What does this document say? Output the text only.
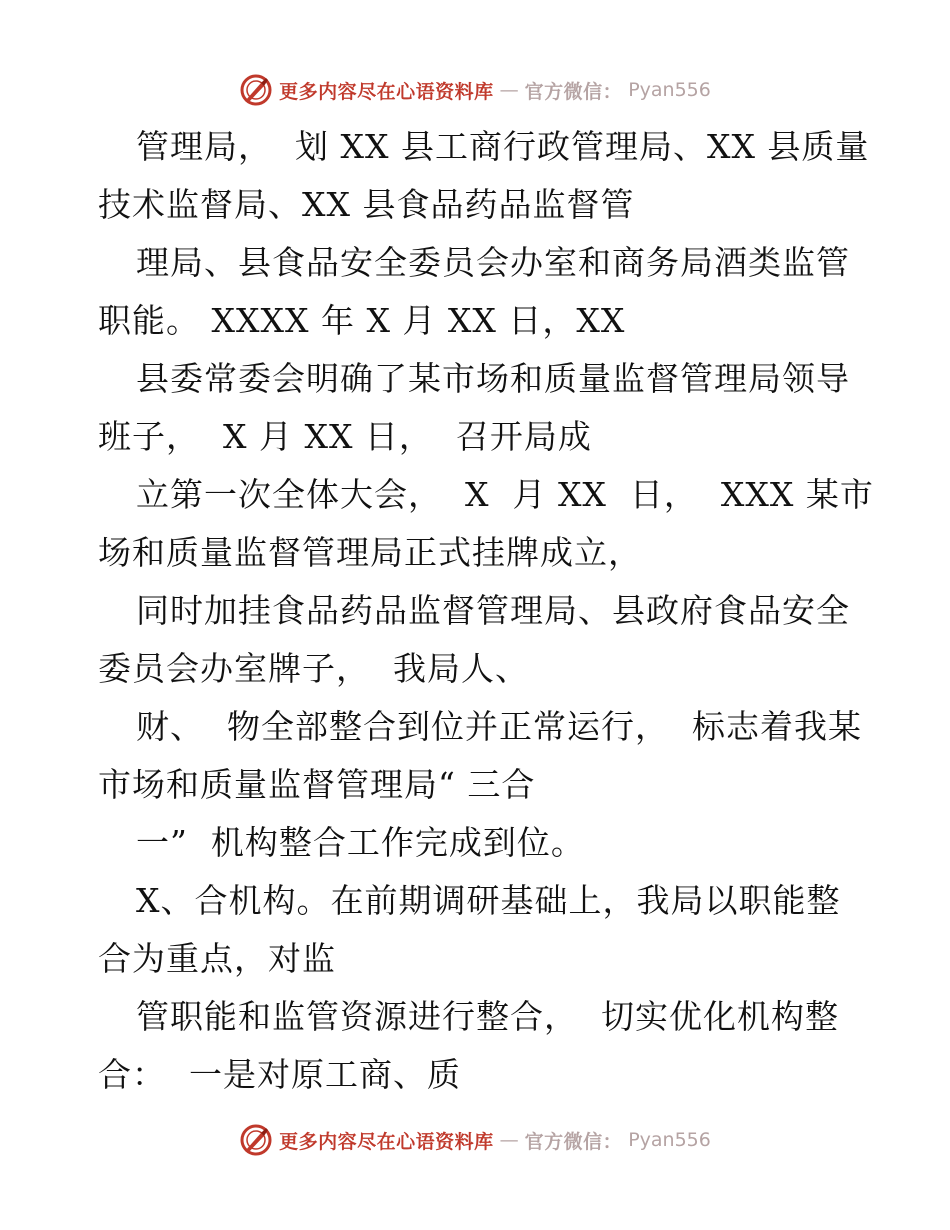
更多内容尽在心语资料库 — 官方微信： Pyan556
管理局，  划 XX 县工商行政管理局、XX 县质量
技术监督局、XX 县食品药品监督管
理局、县食品安全委员会办室和商务局酒类监管
职能。 XXXX 年 X 月 XX 日，XX
县委常委会明确了某市场和质量监督管理局领导
班子，  X 月 XX 日，  召开局成
立第一次全体大会，  X  月 XX  日，  XXX 某市
场和质量监督管理局正式挂牌成立，
同时加挂食品药品监督管理局、县政府食品安全
委员会办室牌子，  我局人、
财、  物全部整合到位并正常运行，  标志着我某
市场和质量监督管理局“ 三合
一”  机构整合工作完成到位。
X、合机构。在前期调研基础上，我局以职能整
合为重点，对监
管职能和监管资源进行整合，  切实优化机构整
合：  一是对原工商、质
更多内容尽在心语资料库 — 官方微信： Pyan556
